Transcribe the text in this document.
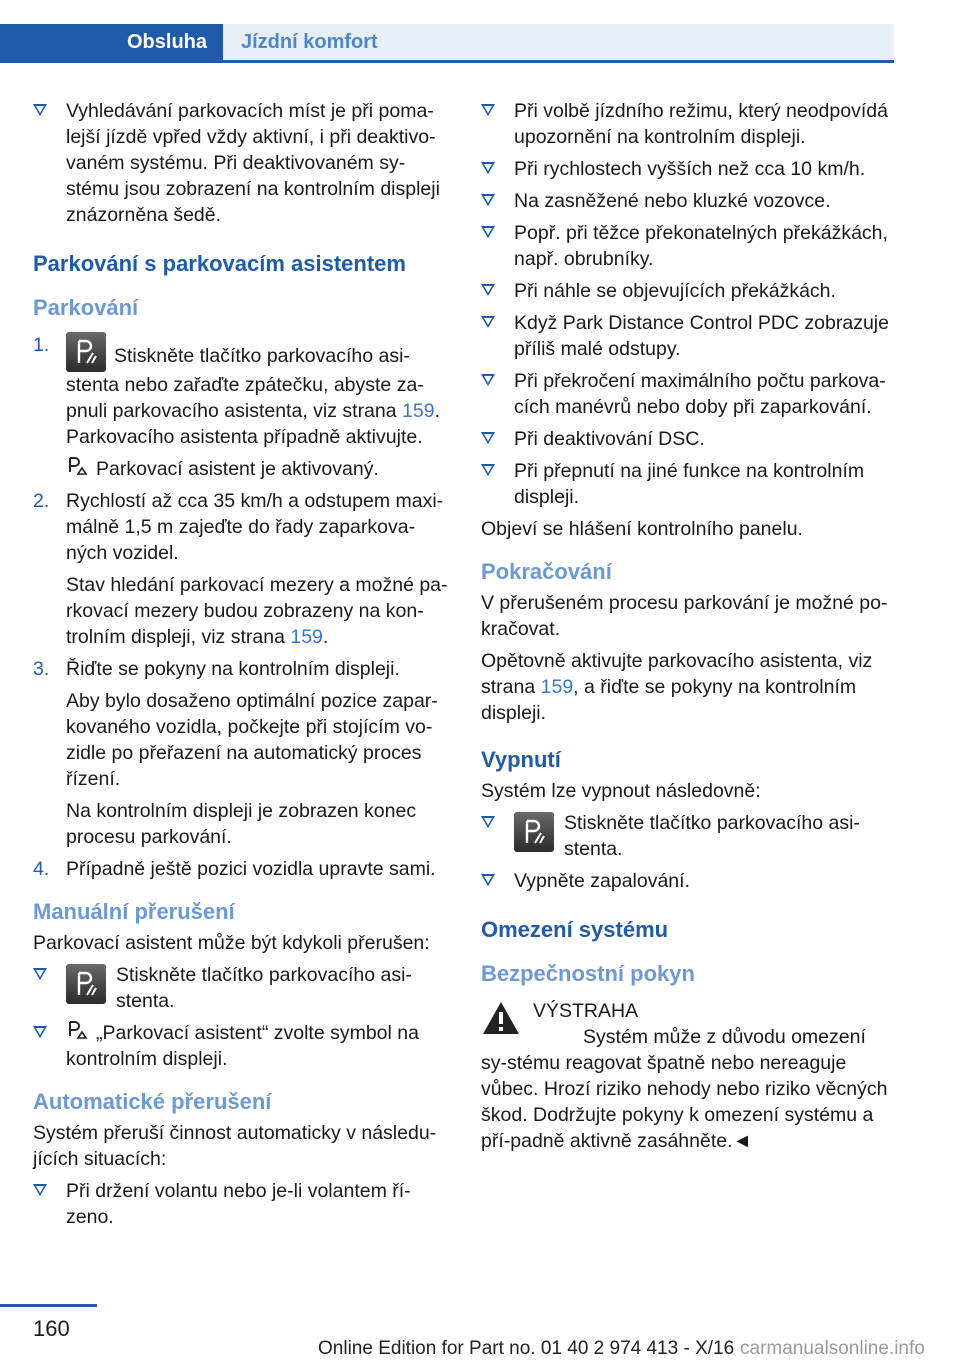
Obsluha Jízdní komfort
Vyhledávání parkovacích míst je při poma‐lejší jízdě vpřed vždy aktivní, i při deaktivo‐vaném systému. Při deaktivovaném sy‐stému jsou zobrazení na kontrolním displeji znázorněna šedě.
Parkování s parkovacím asistentem
Parkování
1.	Stiskněte tlačítko parkovacího asi‐stenta nebo zařaďte zpátečku, abyste za‐pnuli parkovacího asistenta, viz strana 159. Parkovacího asistenta případně aktivujte.
Parkovací asistent je aktivovaný.
2. Rychlostí až cca 35 km/h a odstupem maxi‐málně 1,5 m zajeďte do řady zaparkova‐ných vozidel.
Stav hledání parkovací mezery a možné pa‐rkovací mezery budou zobrazeny na kon‐trolním displeji, viz strana 159.
3. Řiďte se pokyny na kontrolním displeji.
Aby bylo dosaženo optimální pozice zapar‐kovaného vozidla, počkejte při stojícím vo‐zidle po přeřazení na automatický proces řízení.
Na kontrolním displeji je zobrazen konec procesu parkování.
4. Případně ještě pozici vozidla upravte sami.
Manuální přerušení

Parkovací asistent může být kdykoli přerušen:

Stiskněte tlačítko parkovacího asi‐stenta.
„Parkovací asistent“ zvolte symbol na kontrolním displeji.
Automatické přerušení

Systém přeruší činnost automaticky v následu‐jících situacích:

Při držení volantu nebo je-li volantem ří‐zeno.
Při volbě jízdního režimu, který neodpovídá upozornění na kontrolním displeji.
Při rychlostech vyšších než cca 10 km/h.
Na zasněžené nebo kluzké vozovce.
Popř. při těžce překonatelných překážkách, např. obrubníky.
Při náhle se objevujících překážkách.
Když Park Distance Control PDC zobrazuje příliš malé odstupy.
Při překročení maximálního počtu parkova‐cích manévrů nebo doby při zaparkování.
Při deaktivování DSC.
Při přepnutí na jiné funkce na kontrolním displeji.

Objeví se hlášení kontrolního panelu.

Pokračování

V přerušeném procesu parkování je možné po‐kračovat.

Opětovně aktivujte parkovacího asistenta, viz strana 159, a řiďte se pokyny na kontrolním displeji.

Vypnutí

Systém lze vypnout následovně:

Stiskněte tlačítko parkovacího asi‐stenta.
Vypněte zapalování.
Omezení systému
Bezpečnostní pokyn
VÝSTRAHA
Systém může z důvodu omezení sy‐stému reagovat špatně nebo nereaguje vůbec. Hrozí riziko nehody nebo riziko věcných škod. Dodržujte pokyny k omezení systému a pří‐padně aktivně zasáhněte.◄
160
Online Edition for Part no. 01 40 2 974 413 - X/16 carmanualsonline.info
